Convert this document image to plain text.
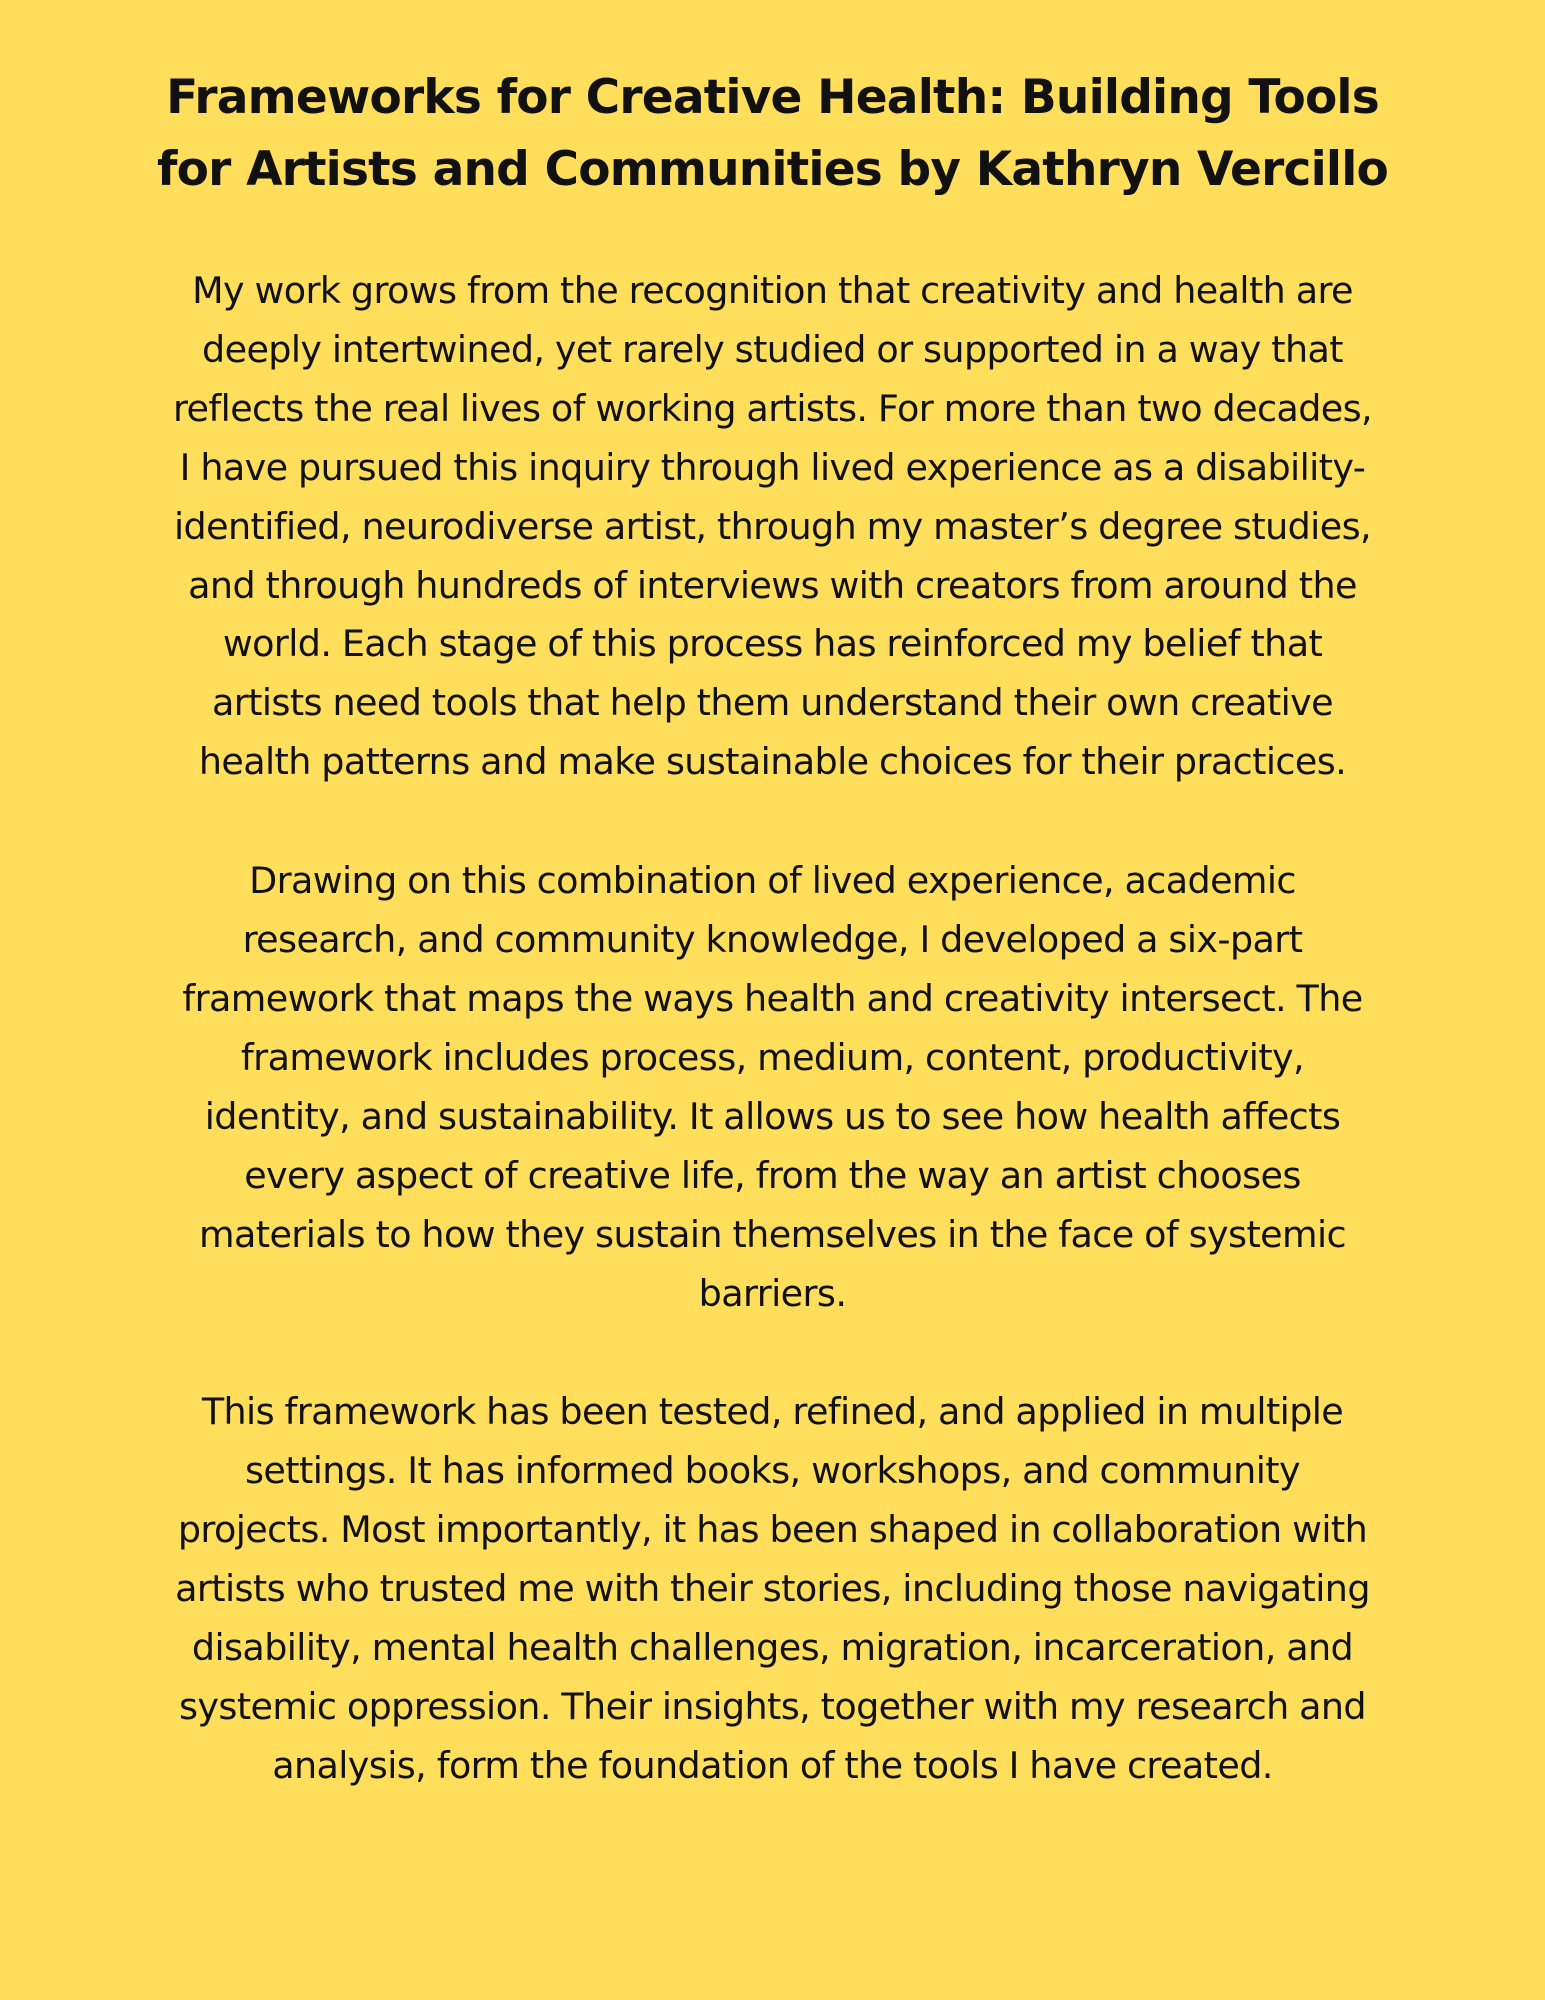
Frameworks for Creative Health: Building Tools
for Artists and Communities by Kathryn Vercillo

My work grows from the recognition that creativity and health are
deeply intertwined, yet rarely studied or supported in a way that
reflects the real lives of working artists. For more than two decades,
I have pursued this inquiry through lived experience as a disability-
identified, neurodiverse artist, through my master’s degree studies,
and through hundreds of interviews with creators from around the
world. Each stage of this process has reinforced my belief that
artists need tools that help them understand their own creative
health patterns and make sustainable choices for their practices.

Drawing on this combination of lived experience, academic
research, and community knowledge, I developed a six-part
framework that maps the ways health and creativity intersect. The
framework includes process, medium, content, productivity,
identity, and sustainability. It allows us to see how health affects
every aspect of creative life, from the way an artist chooses
materials to how they sustain themselves in the face of systemic
barriers.

This framework has been tested, refined, and applied in multiple
settings. It has informed books, workshops, and community
projects. Most importantly, it has been shaped in collaboration with
artists who trusted me with their stories, including those navigating
disability, mental health challenges, migration, incarceration, and
systemic oppression. Their insights, together with my research and
analysis, form the foundation of the tools I have created.
